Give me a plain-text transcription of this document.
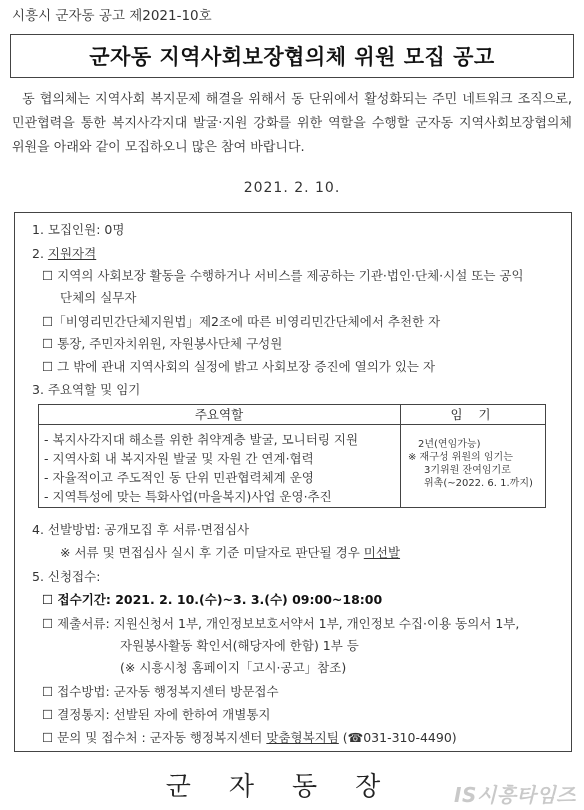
시흥시 군자동 공고 제2021-10호
군자동 지역사회보장협의체 위원 모집 공고
동 협의체는 지역사회 복지문제 해결을 위해서 동 단위에서 활성화되는 주민 네트워크 조직으로, 민관협력을 통한 복지사각지대 발굴·지원 강화를 위한 역할을 수행할 군자동 지역사회보장협의체 위원을 아래와 같이 모집하오니 많은 참여 바랍니다.
2021. 2. 10.
1. 모집인원: 0명
2. 지원자격
☐ 지역의 사회보장 활동을 수행하거나 서비스를 제공하는 기관·법인·단체·시설 또는 공익
단체의 실무자
☐「비영리민간단체지원법」제2조에 따른 비영리민간단체에서 추천한 자
☐ 통장, 주민자치위원, 자원봉사단체 구성원
☐ 그 밖에 관내 지역사회의 실정에 밝고 사회보장 증진에 열의가 있는 자
3. 주요역할 및 임기
주요역할	임 기
- 복지사각지대 해소를 위한 취약계층 발굴, 모니터링 지원
- 지역사회 내 복지자원 발굴 및 자원 간 연계·협력
- 자율적이고 주도적인 동 단위 민관협력체계 운영
- 지역특성에 맞는 특화사업(마을복지)사업 운영·추진
2년(연임가능)
※ 재구성 위원의 임기는
3기위원 잔여임기로
위촉(~2022. 6. 1.까지)
4. 선발방법: 공개모집 후 서류·면접심사
※ 서류 및 면접심사 실시 후 기준 미달자로 판단될 경우 미선발
5. 신청접수:
☐ 접수기간: 2021. 2. 10.(수)~3. 3.(수) 09:00~18:00
☐ 제출서류: 지원신청서 1부, 개인정보보호서약서 1부, 개인정보 수집·이용 동의서 1부,
자원봉사활동 확인서(해당자에 한함) 1부 등
(※ 시흥시청 홈페이지「고시·공고」참조)
☐ 접수방법: 군자동 행정복지센터 방문접수
☐ 결정통지: 선발된 자에 한하여 개별통지
☐ 문의 및 접수처 : 군자동 행정복지센터 맞춤형복지팀 (☎031-310-4490)
군자동장	IS시흥타임즈
